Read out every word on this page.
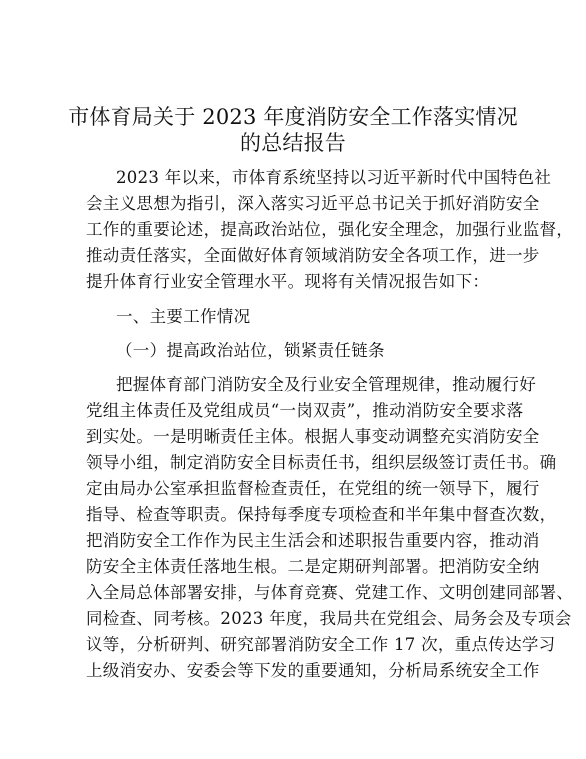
市体育局关于 2023 年度消防安全工作落实情况
的总结报告
2023 年以来，市体育系统坚持以习近平新时代中国特色社
会主义思想为指引，深入落实习近平总书记关于抓好消防安全
工作的重要论述，提高政治站位，强化安全理念，加强行业监督，
推动责任落实，全面做好体育领域消防安全各项工作，进一步
提升体育行业安全管理水平。现将有关情况报告如下：
一、主要工作情况
（一）提高政治站位，锁紧责任链条
把握体育部门消防安全及行业安全管理规律，推动履行好
党组主体责任及党组成员“一岗双责”，推动消防安全要求落
到实处。一是明晰责任主体。根据人事变动调整充实消防安全
领导小组，制定消防安全目标责任书，组织层级签订责任书。确
定由局办公室承担监督检查责任，在党组的统一领导下，履行
指导、检查等职责。保持每季度专项检查和半年集中督查次数，
把消防安全工作作为民主生活会和述职报告重要内容，推动消
防安全主体责任落地生根。二是定期研判部署。把消防安全纳
入全局总体部署安排，与体育竞赛、党建工作、文明创建同部署、
同检查、同考核。2023 年度，我局共在党组会、局务会及专项会
议等，分析研判、研究部署消防安全工作 17 次，重点传达学习
上级消安办、安委会等下发的重要通知，分析局系统安全工作
